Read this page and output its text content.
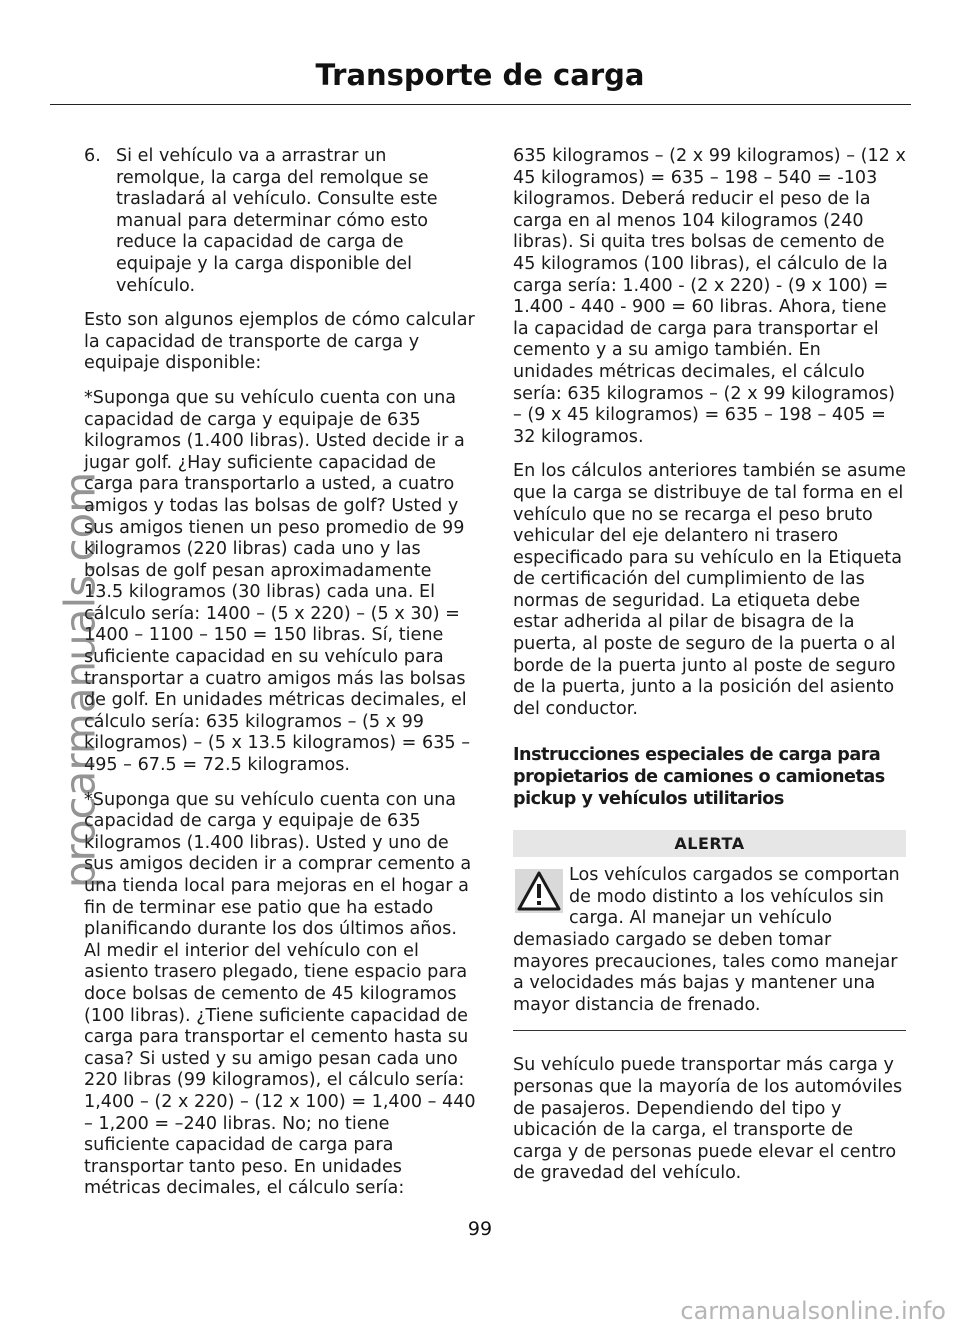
Transporte de carga
6. Si el vehículo va a arrastrar un remolque, la carga del remolque se trasladará al vehículo. Consulte este manual para determinar cómo esto reduce la capacidad de carga de equipaje y la carga disponible del vehículo.

Esto son algunos ejemplos de cómo calcular la capacidad de transporte de carga y equipaje disponible:

*Suponga que su vehículo cuenta con una capacidad de carga y equipaje de 635 kilogramos (1.400 libras). Usted decide ir a jugar golf. ¿Hay suficiente capacidad de carga para transportarlo a usted, a cuatro amigos y todas las bolsas de golf? Usted y sus amigos tienen un peso promedio de 99 kilogramos (220 libras) cada uno y las bolsas de golf pesan aproximadamente 13.5 kilogramos (30 libras) cada una. El cálculo sería: 1400 – (5 x 220) – (5 x 30) = 1400 – 1100 – 150 = 150 libras. Sí, tiene suficiente capacidad en su vehículo para transportar a cuatro amigos más las bolsas de golf. En unidades métricas decimales, el cálculo sería: 635 kilogramos – (5 x 99 kilogramos) – (5 x 13.5 kilogramos) = 635 – 495 – 67.5 = 72.5 kilogramos.

*Suponga que su vehículo cuenta con una capacidad de carga y equipaje de 635 kilogramos (1.400 libras). Usted y uno de sus amigos deciden ir a comprar cemento a una tienda local para mejoras en el hogar a fin de terminar ese patio que ha estado planificando durante los dos últimos años. Al medir el interior del vehículo con el asiento trasero plegado, tiene espacio para doce bolsas de cemento de 45 kilogramos (100 libras). ¿Tiene suficiente capacidad de carga para transportar el cemento hasta su casa? Si usted y su amigo pesan cada uno 220 libras (99 kilogramos), el cálculo sería: 1,400 – (2 x 220) – (12 x 100) = 1,400 – 440 – 1,200 = –240 libras. No; no tiene suficiente capacidad de carga para transportar tanto peso. En unidades métricas decimales, el cálculo sería:

635 kilogramos – (2 x 99 kilogramos) – (12 x 45 kilogramos) = 635 – 198 – 540 = -103 kilogramos. Deberá reducir el peso de la carga en al menos 104 kilogramos (240 libras). Si quita tres bolsas de cemento de 45 kilogramos (100 libras), el cálculo de la carga sería: 1.400 - (2 x 220) - (9 x 100) = 1.400 - 440 - 900 = 60 libras. Ahora, tiene la capacidad de carga para transportar el cemento y a su amigo también. En unidades métricas decimales, el cálculo sería: 635 kilogramos – (2 x 99 kilogramos) – (9 x 45 kilogramos) = 635 – 198 – 405 = 32 kilogramos.

En los cálculos anteriores también se asume que la carga se distribuye de tal forma en el vehículo que no se recarga el peso bruto vehicular del eje delantero ni trasero especificado para su vehículo en la Etiqueta de certificación del cumplimiento de las normas de seguridad. La etiqueta debe estar adherida al pilar de bisagra de la puerta, al poste de seguro de la puerta o al borde de la puerta junto al poste de seguro de la puerta, junto a la posición del asiento del conductor.

Instrucciones especiales de carga para propietarios de camiones o camionetas pickup y vehículos utilitarios
ALERTA

Los vehículos cargados se comportan de modo distinto a los vehículos sin carga. Al manejar un vehículo demasiado cargado se deben tomar mayores precauciones, tales como manejar a velocidades más bajas y mantener una mayor distancia de frenado.

Su vehículo puede transportar más carga y personas que la mayoría de los automóviles de pasajeros. Dependiendo del tipo y ubicación de la carga, el transporte de carga y de personas puede elevar el centro de gravedad del vehículo.

99
procarmanuals.com
carmanualsonline.info
